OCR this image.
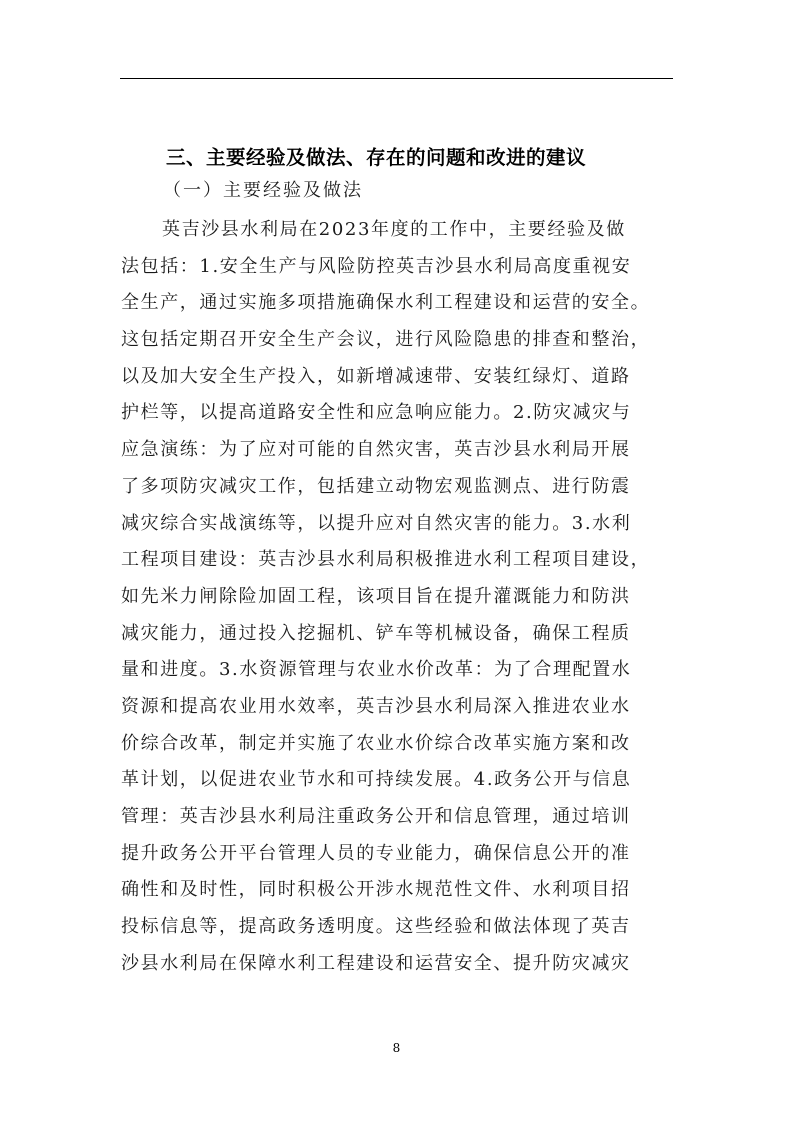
三、主要经验及做法、存在的问题和改进的建议
（一）主要经验及做法
英吉沙县水利局在2023年度的工作中，主要经验及做
法包括：1.安全生产与风险防控英吉沙县水利局高度重视安
全生产，通过实施多项措施确保水利工程建设和运营的安全。
这包括定期召开安全生产会议，进行风险隐患的排查和整治，
以及加大安全生产投入，如新增减速带、安装红绿灯、道路
护栏等，以提高道路安全性和应急响应能力。2.防灾减灾与
应急演练：为了应对可能的自然灾害，英吉沙县水利局开展
了多项防灾减灾工作，包括建立动物宏观监测点、进行防震
减灾综合实战演练等，以提升应对自然灾害的能力。3.水利
工程项目建设：英吉沙县水利局积极推进水利工程项目建设，
如先米力闸除险加固工程，该项目旨在提升灌溉能力和防洪
减灾能力，通过投入挖掘机、铲车等机械设备，确保工程质
量和进度。3.水资源管理与农业水价改革：为了合理配置水
资源和提高农业用水效率，英吉沙县水利局深入推进农业水
价综合改革，制定并实施了农业水价综合改革实施方案和改
革计划，以促进农业节水和可持续发展。4.政务公开与信息
管理：英吉沙县水利局注重政务公开和信息管理，通过培训
提升政务公开平台管理人员的专业能力，确保信息公开的准
确性和及时性，同时积极公开涉水规范性文件、水利项目招
投标信息等，提高政务透明度。这些经验和做法体现了英吉
沙县水利局在保障水利工程建设和运营安全、提升防灾减灾
8
